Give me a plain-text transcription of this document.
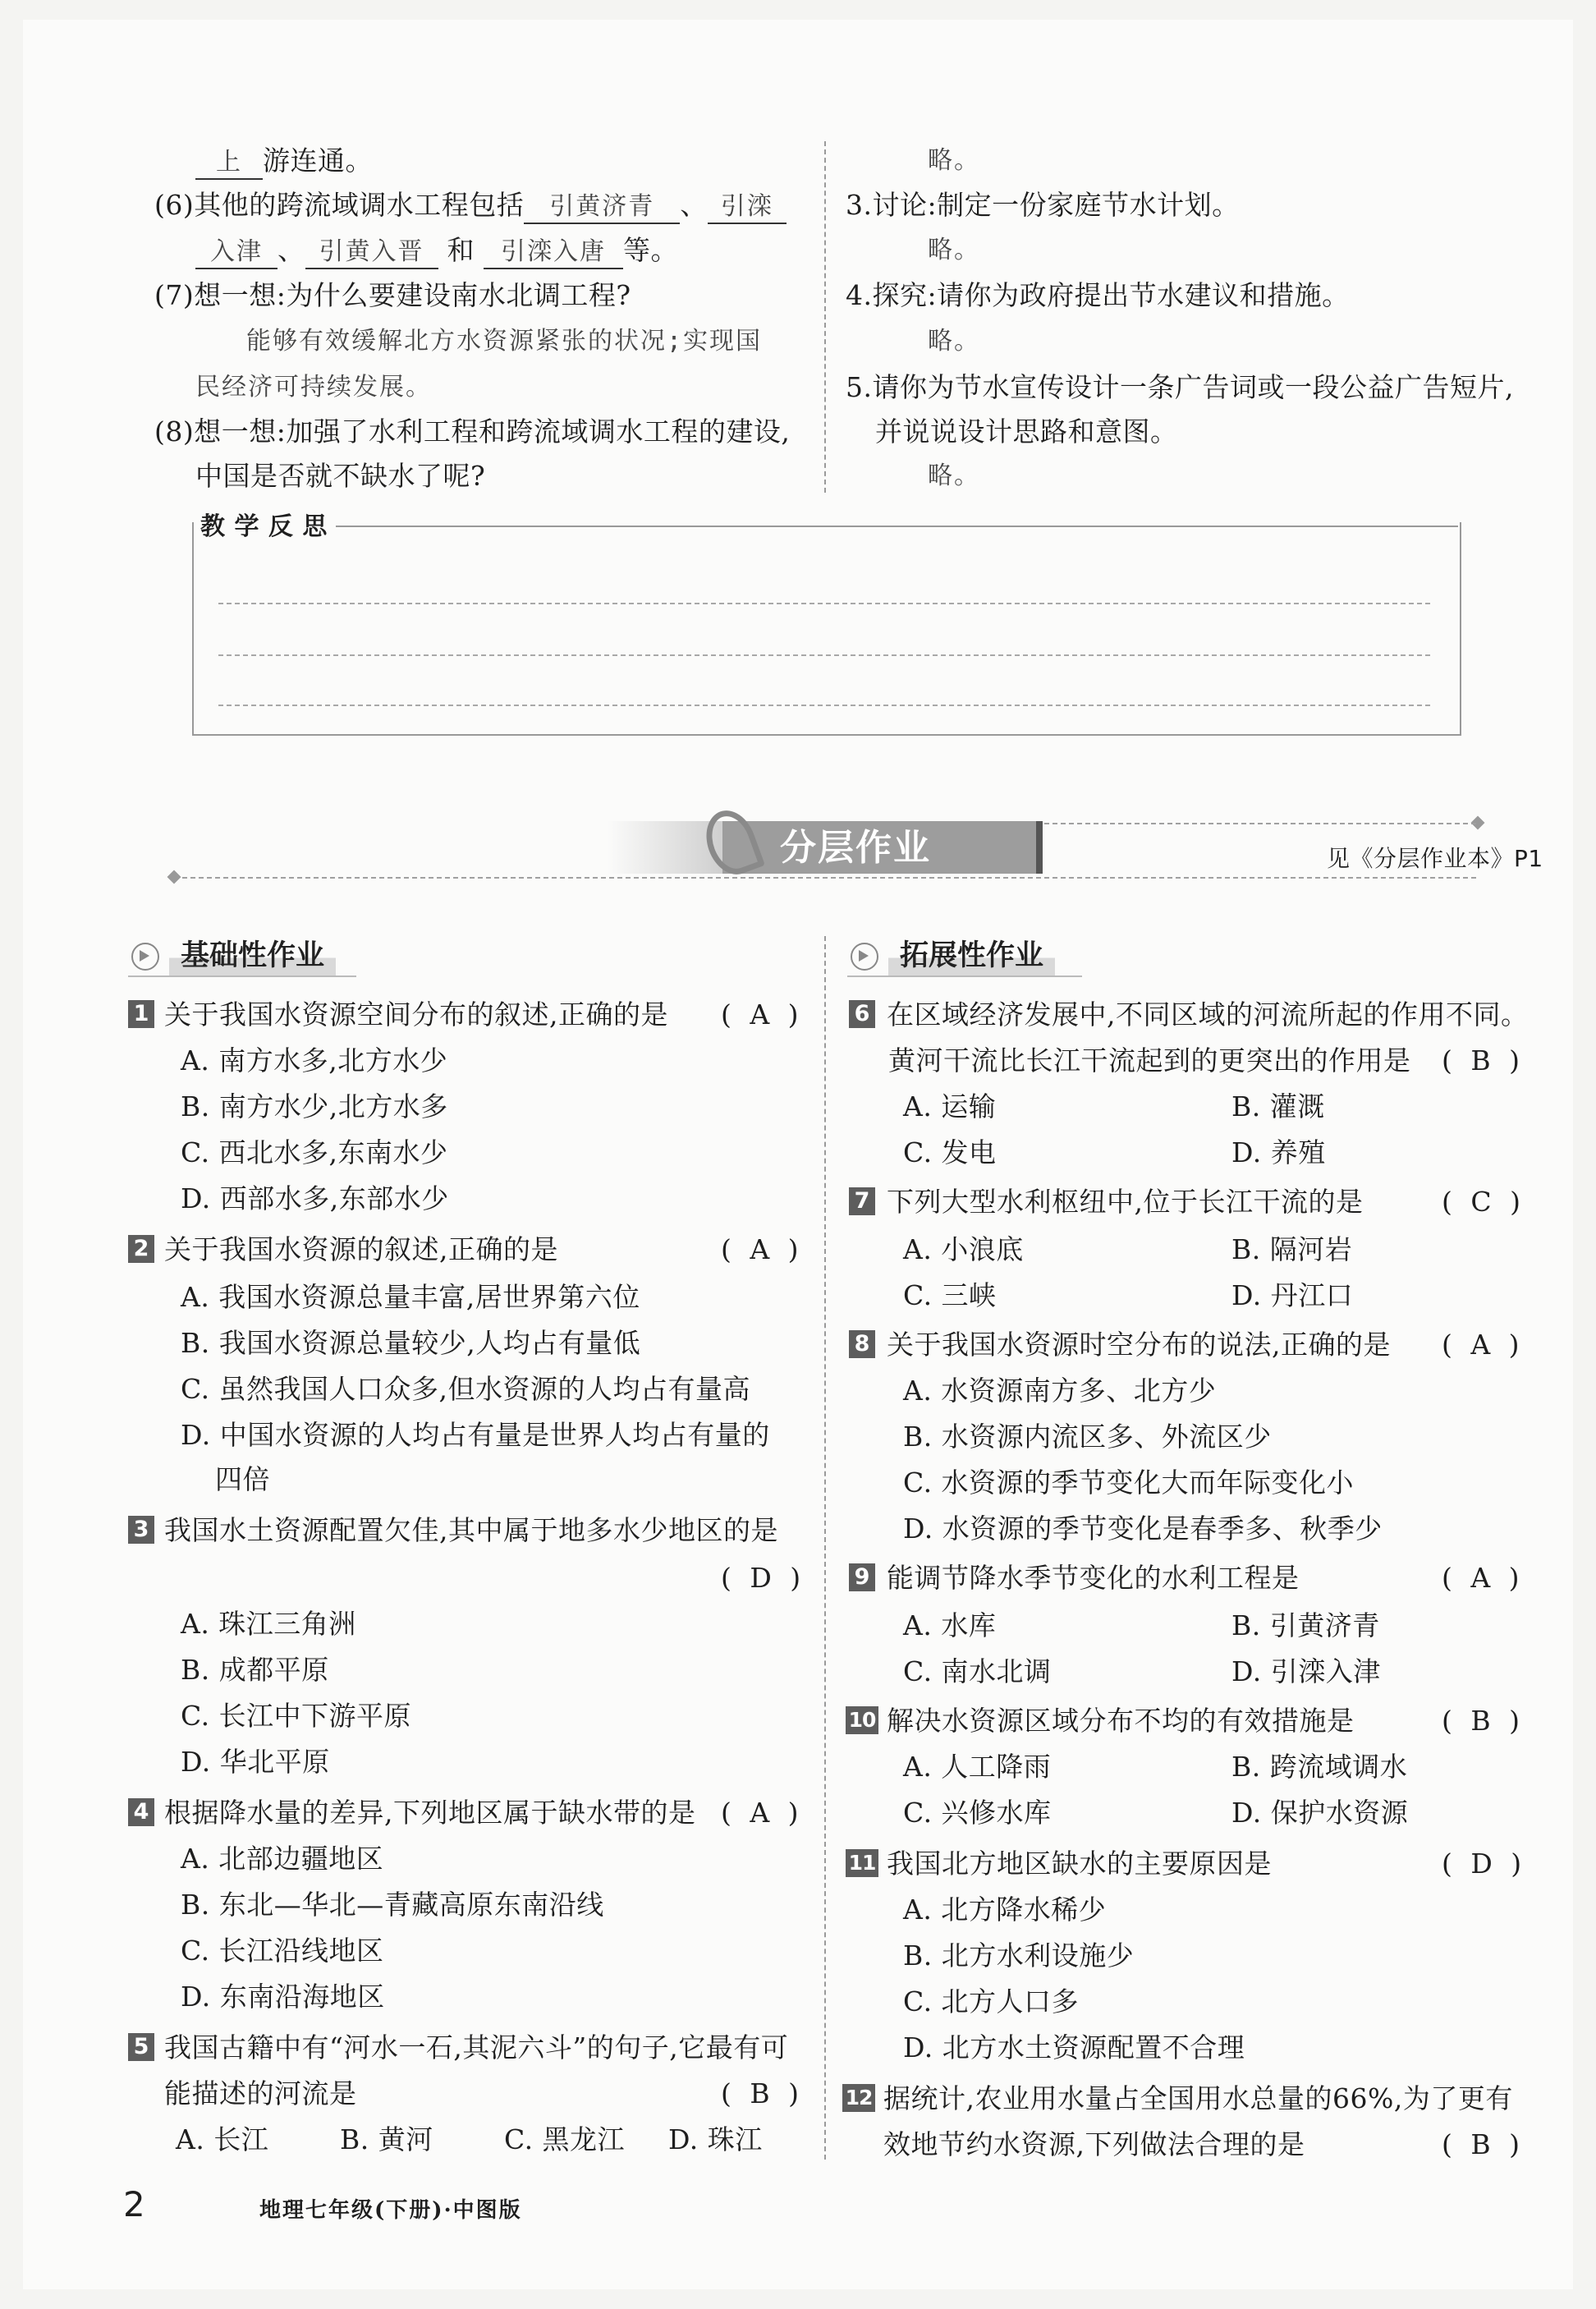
上 游连通。
(6)其他的跨流域调水工程包括 引黄济青 、 引滦
入津 、 引黄入晋 和 引滦入唐 等。
(7)想一想:为什么要建设南水北调工程?
能够有效缓解北方水资源紧张的状况;实现国
民经济可持续发展。
(8)想一想:加强了水利工程和跨流域调水工程的建设,
中国是否就不缺水了呢?
略。
3.讨论:制定一份家庭节水计划。
略。
4.探究:请你为政府提出节水建议和措施。
略。
5.请你为节水宣传设计一条广告词或一段公益广告短片,
并说说设计思路和意图。
略。
教 学 反 思
分层作业	见《分层作业本》P1
基础性作业
1 关于我国水资源空间分布的叙述,正确的是 ( A )
A. 南方水多,北方水少
B. 南方水少,北方水多
C. 西北水多,东南水少
D. 西部水多,东部水少
2 关于我国水资源的叙述,正确的是	( A )
A. 我国水资源总量丰富,居世界第六位
B. 我国水资源总量较少,人均占有量低
C. 虽然我国人口众多,但水资源的人均占有量高
D. 中国水资源的人均占有量是世界人均占有量的
四倍
3 我国水土资源配置欠佳,其中属于地多水少地区的是
( D )
A. 珠江三角洲
B. 成都平原
C. 长江中下游平原
D. 华北平原
4 根据降水量的差异,下列地区属于缺水带的是 ( A )
A. 北部边疆地区
B. 东北—华北—青藏高原东南沿线
C. 长江沿线地区
D. 东南沿海地区
5 我国古籍中有“河水一石,其泥六斗”的句子,它最有可
能描述的河流是	( B )
A. 长江	B. 黄河	C. 黑龙江 D. 珠江
拓展性作业
6 在区域经济发展中,不同区域的河流所起的作用不同。
黄河干流比长江干流起到的更突出的作用是 ( B )
A. 运输	B. 灌溉
C. 发电	D. 养殖
7 下列大型水利枢纽中,位于长江干流的是	( C )
A. 小浪底	B. 隔河岩
C. 三峡	D. 丹江口
8 关于我国水资源时空分布的说法,正确的是 ( A )
A. 水资源南方多、北方少
B. 水资源内流区多、外流区少
C. 水资源的季节变化大而年际变化小
D. 水资源的季节变化是春季多、秋季少
9 能调节降水季节变化的水利工程是	( A )
A. 水库	B. 引黄济青
C. 南水北调	D. 引滦入津
10 解决水资源区域分布不均的有效措施是	( B )
A. 人工降雨	B. 跨流域调水
C. 兴修水库	D. 保护水资源
11 我国北方地区缺水的主要原因是	( D )
A. 北方降水稀少
B. 北方水利设施少
C. 北方人口多
D. 北方水土资源配置不合理
12 据统计,农业用水量占全国用水总量的66%,为了更有
效地节约水资源,下列做法合理的是	( B )
2	地理七年级(下册)·中图版
